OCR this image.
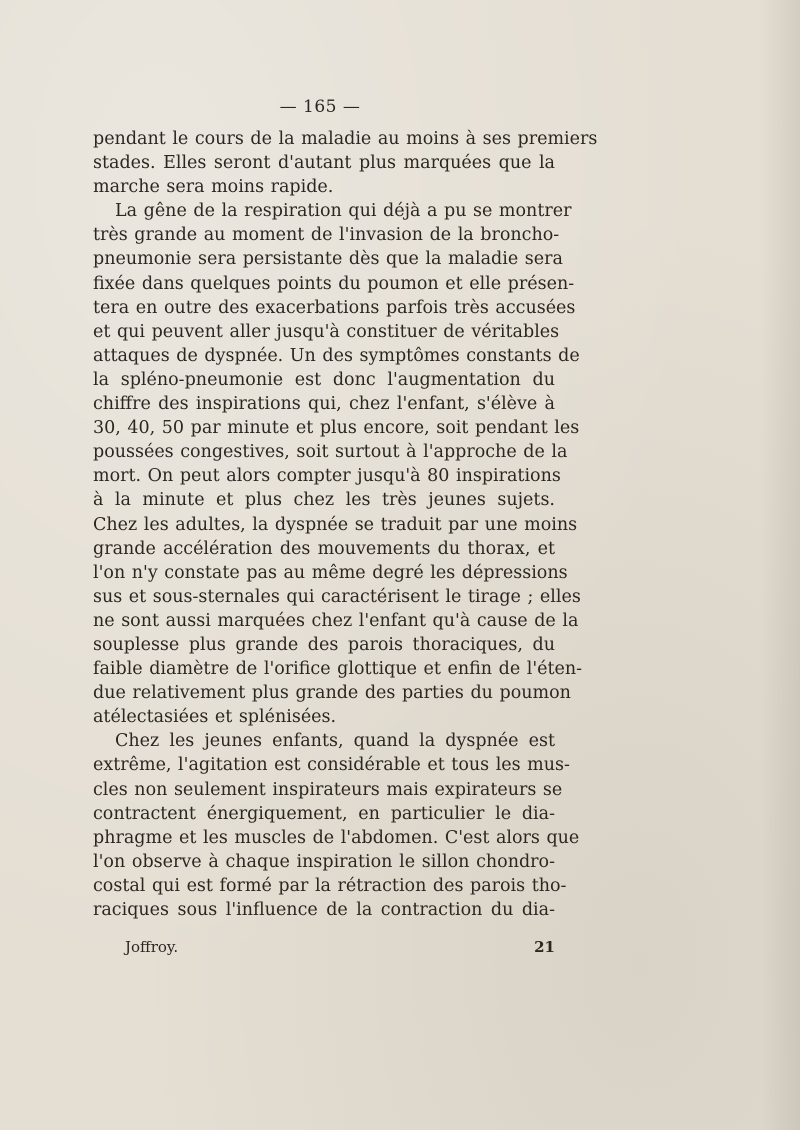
— 165 —
pendant le cours de la maladie au moins à ses premiers
stades. Elles seront d'autant plus marquées que la
marche sera moins rapide.
La gêne de la respiration qui déjà a pu se montrer
très grande au moment de l'invasion de la broncho-
pneumonie sera persistante dès que la maladie sera
fixée dans quelques points du poumon et elle présen-
tera en outre des exacerbations parfois très accusées
et qui peuvent aller jusqu'à constituer de véritables
attaques de dyspnée. Un des symptômes constants de
la spléno-pneumonie est donc l'augmentation du
chiffre des inspirations qui, chez l'enfant, s'élève à
30, 40, 50 par minute et plus encore, soit pendant les
poussées congestives, soit surtout à l'approche de la
mort. On peut alors compter jusqu'à 80 inspirations
à la minute et plus chez les très jeunes sujets.
Chez les adultes, la dyspnée se traduit par une moins
grande accélération des mouvements du thorax, et
l'on n'y constate pas au même degré les dépressions
sus et sous-sternales qui caractérisent le tirage ; elles
ne sont aussi marquées chez l'enfant qu'à cause de la
souplesse plus grande des parois thoraciques, du
faible diamètre de l'orifice glottique et enfin de l'éten-
due relativement plus grande des parties du poumon
atélectasiées et splénisées.
Chez les jeunes enfants, quand la dyspnée est
extrême, l'agitation est considérable et tous les mus-
cles non seulement inspirateurs mais expirateurs se
contractent énergiquement, en particulier le dia-
phragme et les muscles de l'abdomen. C'est alors que
l'on observe à chaque inspiration le sillon chondro-
costal qui est formé par la rétraction des parois tho-
raciques sous l'influence de la contraction du dia-
Joffroy.	21
